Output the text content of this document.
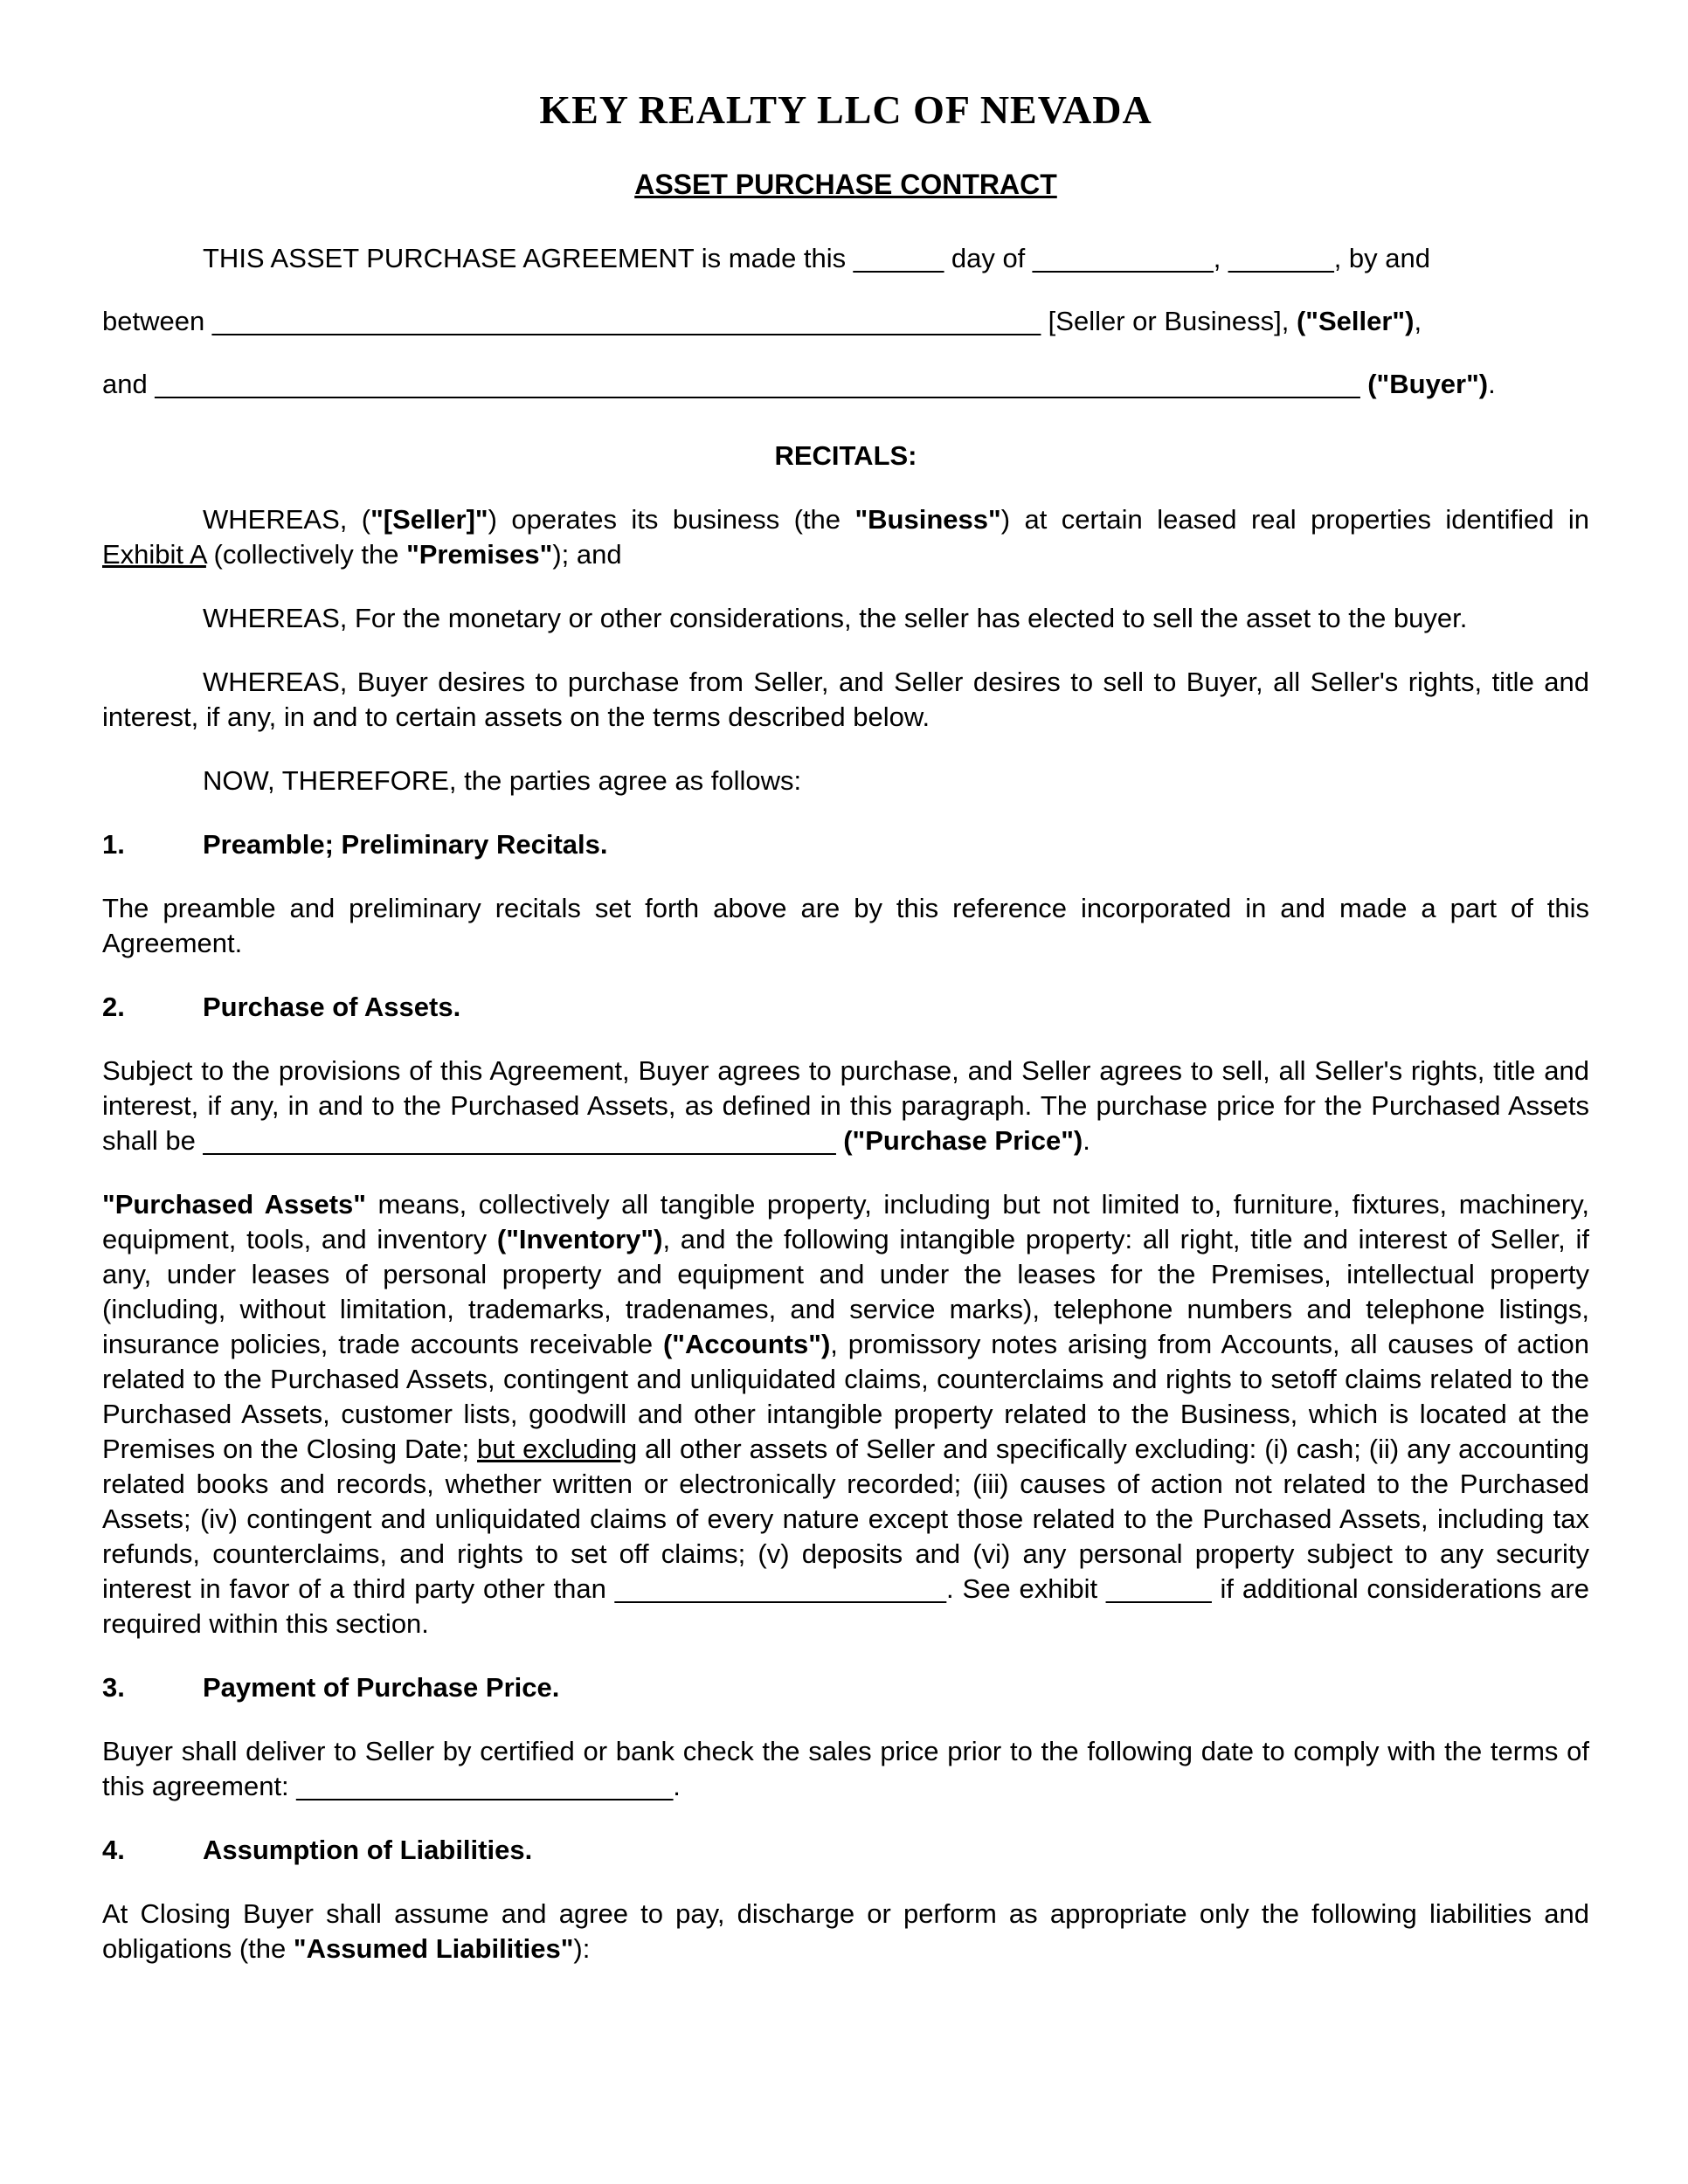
KEY REALTY LLC OF NEVADA
ASSET PURCHASE CONTRACT

THIS ASSET PURCHASE AGREEMENT is made this ______ day of ____________, _______, by and
between _______________________________________________________ [Seller or Business], ("Seller"),
and ________________________________________________________________________________ ("Buyer").

RECITALS:

WHEREAS, ("[Seller]") operates its business (the "Business") at certain leased real properties identified in Exhibit A (collectively the "Premises"); and

WHEREAS, For the monetary or other considerations, the seller has elected to sell the asset to the buyer.

WHEREAS, Buyer desires to purchase from Seller, and Seller desires to sell to Buyer, all Seller's rights, title and interest, if any, in and to certain assets on the terms described below.

NOW, THEREFORE, the parties agree as follows:

1.	Preamble; Preliminary Recitals.

The preamble and preliminary recitals set forth above are by this reference incorporated in and made a part of this Agreement.

2.	Purchase of Assets.

Subject to the provisions of this Agreement, Buyer agrees to purchase, and Seller agrees to sell, all Seller's rights, title and interest, if any, in and to the Purchased Assets, as defined in this paragraph. The purchase price for the Purchased Assets shall be __________________________________________ ("Purchase Price").

"Purchased Assets" means, collectively all tangible property, including but not limited to, furniture, fixtures, machinery, equipment, tools, and inventory ("Inventory"), and the following intangible property: all right, title and interest of Seller, if any, under leases of personal property and equipment and under the leases for the Premises, intellectual property (including, without limitation, trademarks, tradenames, and service marks), telephone numbers and telephone listings, insurance policies, trade accounts receivable ("Accounts"), promissory notes arising from Accounts, all causes of action related to the Purchased Assets, contingent and unliquidated claims, counterclaims and rights to setoff claims related to the Purchased Assets, customer lists, goodwill and other intangible property related to the Business, which is located at the Premises on the Closing Date; but excluding all other assets of Seller and specifically excluding: (i) cash; (ii) any accounting related books and records, whether written or electronically recorded; (iii) causes of action not related to the Purchased Assets; (iv) contingent and unliquidated claims of every nature except those related to the Purchased Assets, including tax refunds, counterclaims, and rights to set off claims; (v) deposits and (vi) any personal property subject to any security interest in favor of a third party other than ______________________. See exhibit _______ if additional considerations are required within this section.

3.	Payment of Purchase Price.

Buyer shall deliver to Seller by certified or bank check the sales price prior to the following date to comply with the terms of this agreement: _________________________.

4.	Assumption of Liabilities.

At Closing Buyer shall assume and agree to pay, discharge or perform as appropriate only the following liabilities and obligations (the "Assumed Liabilities"):
